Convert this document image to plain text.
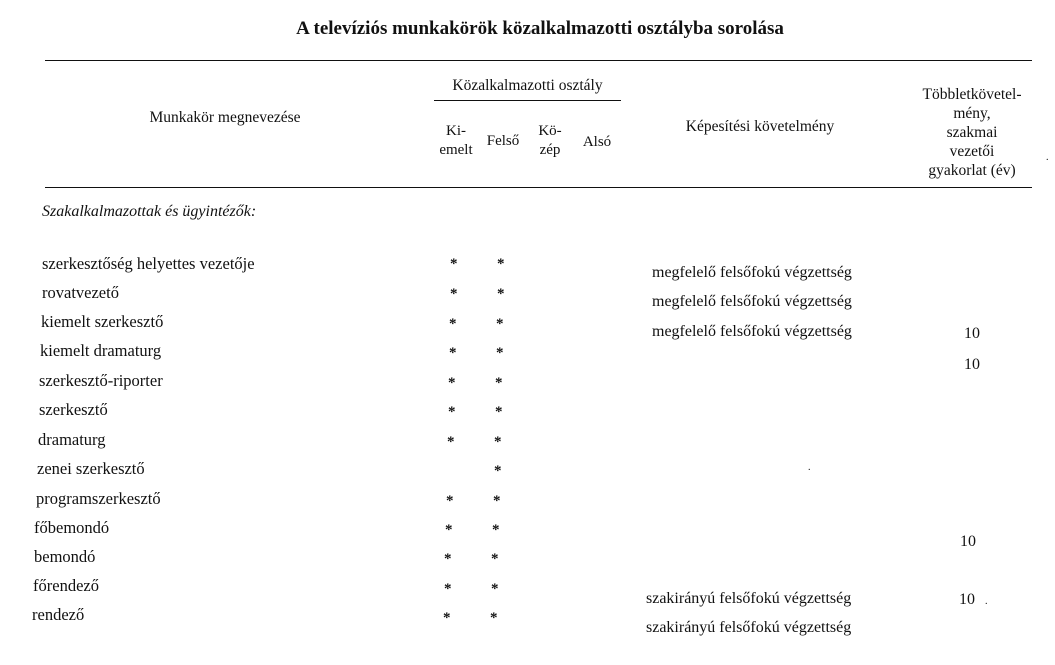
A televíziós munkakörök közalkalmazotti osztályba sorolása
Munkakör megnevezése
Közalkalmazotti osztály
Ki-
emelt
Felső
Kö-
zép	Alsó
Képesítési követelmény
Többletkövetel-
mény,
szakmai
vezetői
gyakorlat (év)
Szakalkalmazottak és ügyintézők:
szerkesztőség helyettes vezetője
rovatvezető
kiemelt szerkesztő
kiemelt dramaturg
szerkesztő-riporter
szerkesztő
dramaturg
zenei szerkesztő
programszerkesztő
főbemondó
bemondó
főrendező
rendező
*
*
*
*
*
*
*
*
*
*
*
*
*
*
*
*
*
*
*
*
*
*
*
*
*
megfelelő felsőfokú végzettség
megfelelő felsőfokú végzettség
megfelelő felsőfokú végzettség
szakirányú felsőfokú végzettség
szakirányú felsőfokú végzettség
10
10
10
10
.
.
.
